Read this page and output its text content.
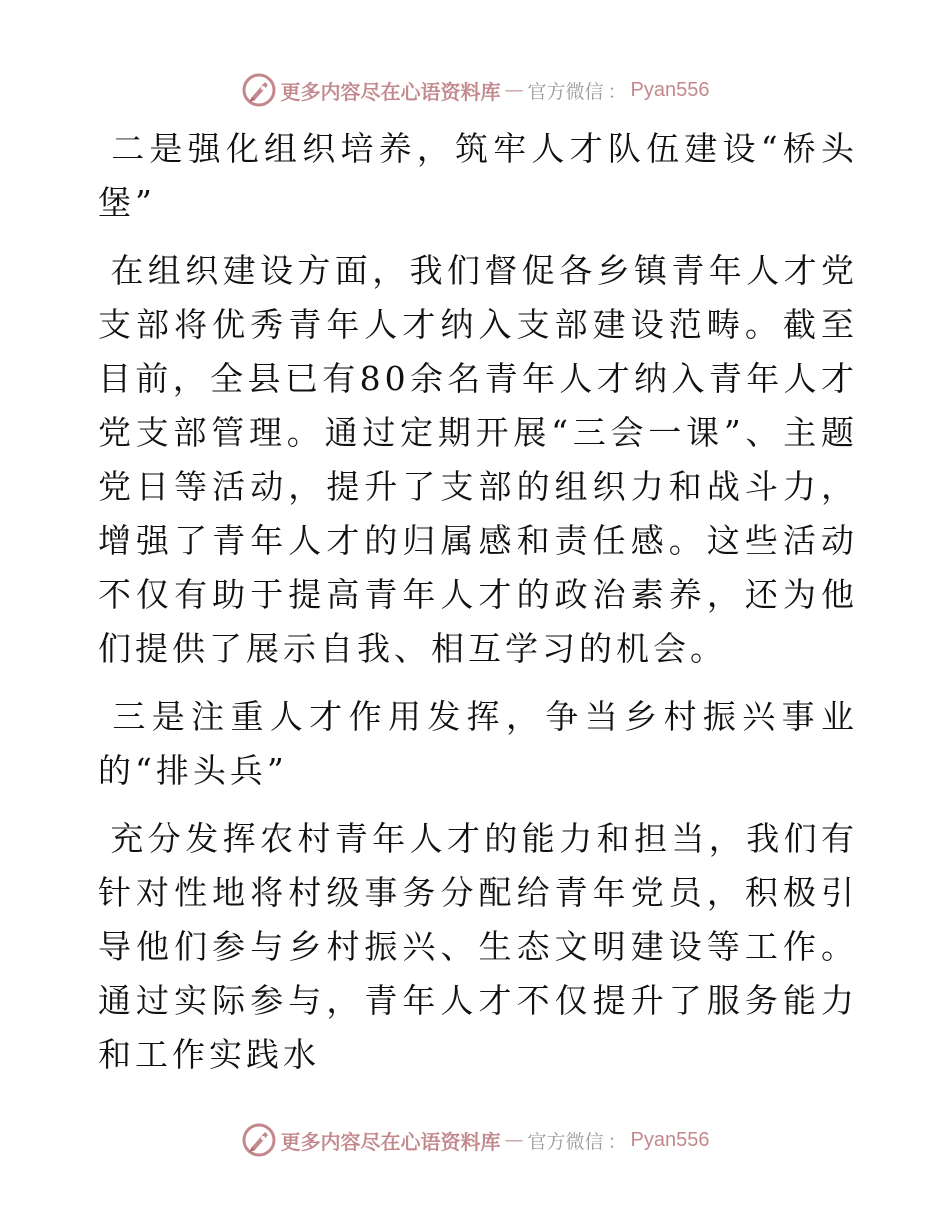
更多内容尽在心语资料库 — 官方微信 ： Pyan556

二是强化组织培养，筑牢人才队伍建设“桥头堡”

在组织建设方面，我们督促各乡镇青年人才党支部将优秀青年人才纳入支部建设范畴。截至目前，全县已有80余名青年人才纳入青年人才党支部管理。通过定期开展“三会一课”、主题党日等活动，提升了支部的组织力和战斗力，增强了青年人才的归属感和责任感。这些活动不仅有助于提高青年人才的政治素养，还为他们提供了展示自我、相互学习的机会。

三是注重人才作用发挥，争当乡村振兴事业的“排头兵”

充分发挥农村青年人才的能力和担当，我们有针对性地将村级事务分配给青年党员，积极引导他们参与乡村振兴、生态文明建设等工作。通过实际参与，青年人才不仅提升了服务能力和工作实践水

更多内容尽在心语资料库 — 官方微信 ： Pyan556
